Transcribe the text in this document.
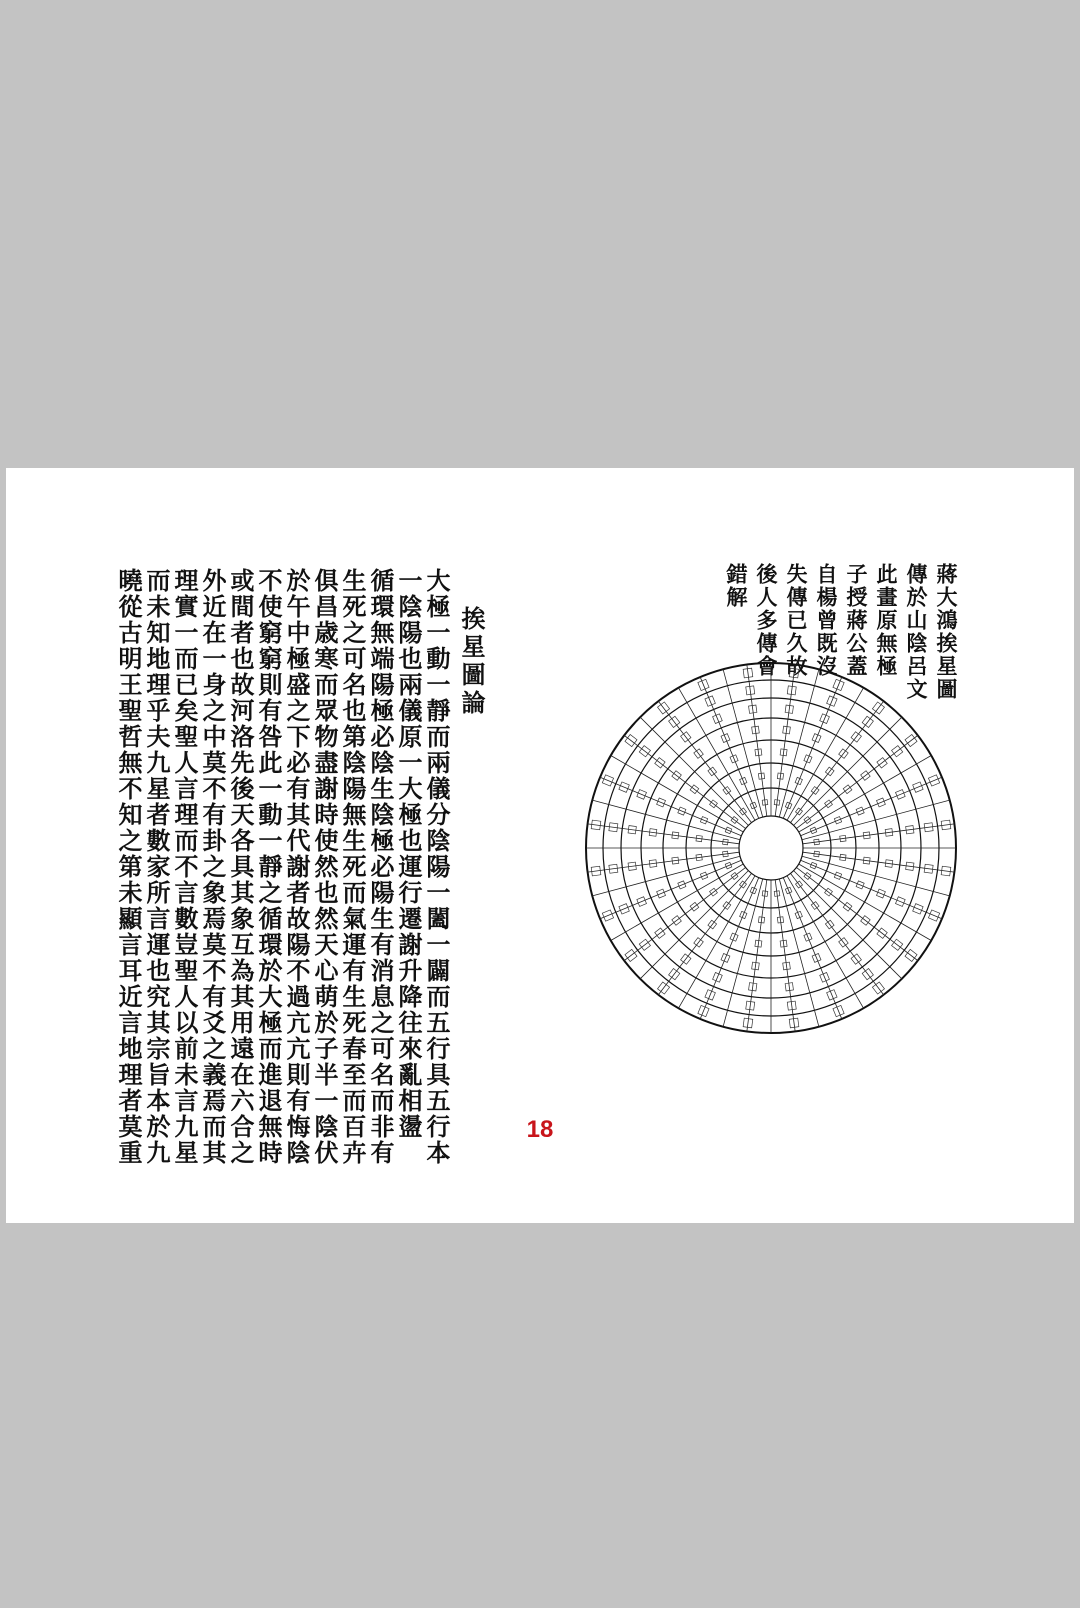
挨星圖論
大極一動一靜而兩儀分陰陽一闔一闢而五行具五行本
一陰陽也兩儀原一大極也運行遷謝升降往來亂相盪
循環無端陽極必陰生陰極必陽生有消息之可名而非有
生死之可名也第陰陽無生死而氣運有生死春至而百卉
俱昌歳寒而眾物盡謝時使然也然天心萌於子半一陰伏
於午中極盛之下必有其代謝者故陽不過亢亢則有悔陰
不使窮窮則有咎此一動一靜之循環於大極而進退無時
或間者也故河洛先後天各具其象互為其用遠在六合之
外近在一身之中莫不有卦之象焉莫不有爻之義焉而其
理實一而已矣聖人言理而不言數豈聖人以前未言九星
而未知地理乎夫九星者數家所言運也究其宗旨本於九
曉從古明王聖哲無不知之第未顯言耳近言地理者莫重	蔣大鴻挨星圖
傳於山陰呂文
此畫原無極
子授蔣公蓋
自楊曾既沒
失傳已久故
後人多傳會
錯解
18
